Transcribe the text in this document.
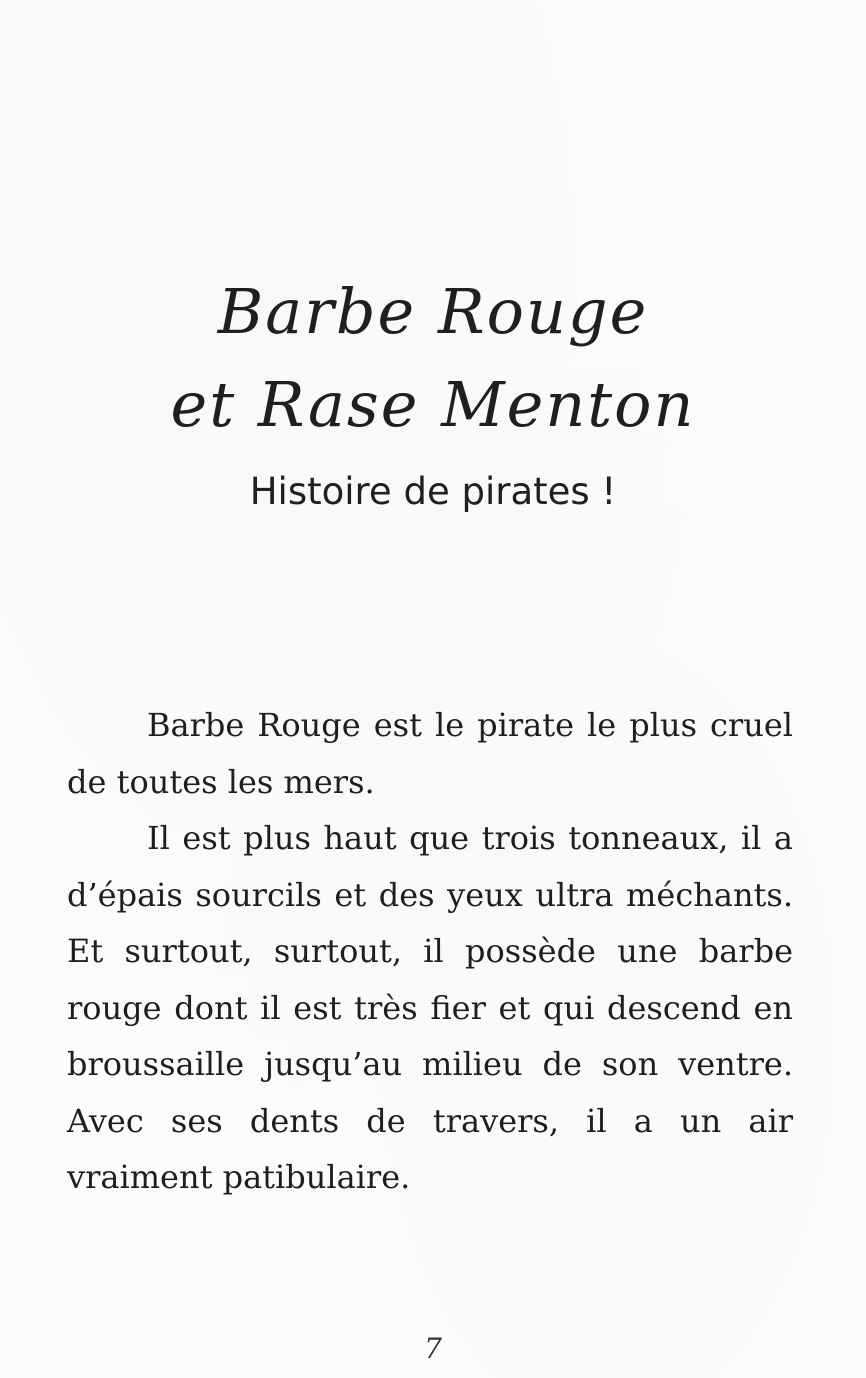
Barbe Rouge
et Rase Menton
Histoire de pirates !

Barbe Rouge est le pirate le plus cruel de toutes les mers.

Il est plus haut que trois tonneaux, il a d’épais sourcils et des yeux ultra méchants. Et surtout, surtout, il possède une barbe rouge dont il est très fier et qui descend en broussaille jusqu’au milieu de son ventre. Avec ses dents de travers, il a un air vraiment patibulaire.

7
